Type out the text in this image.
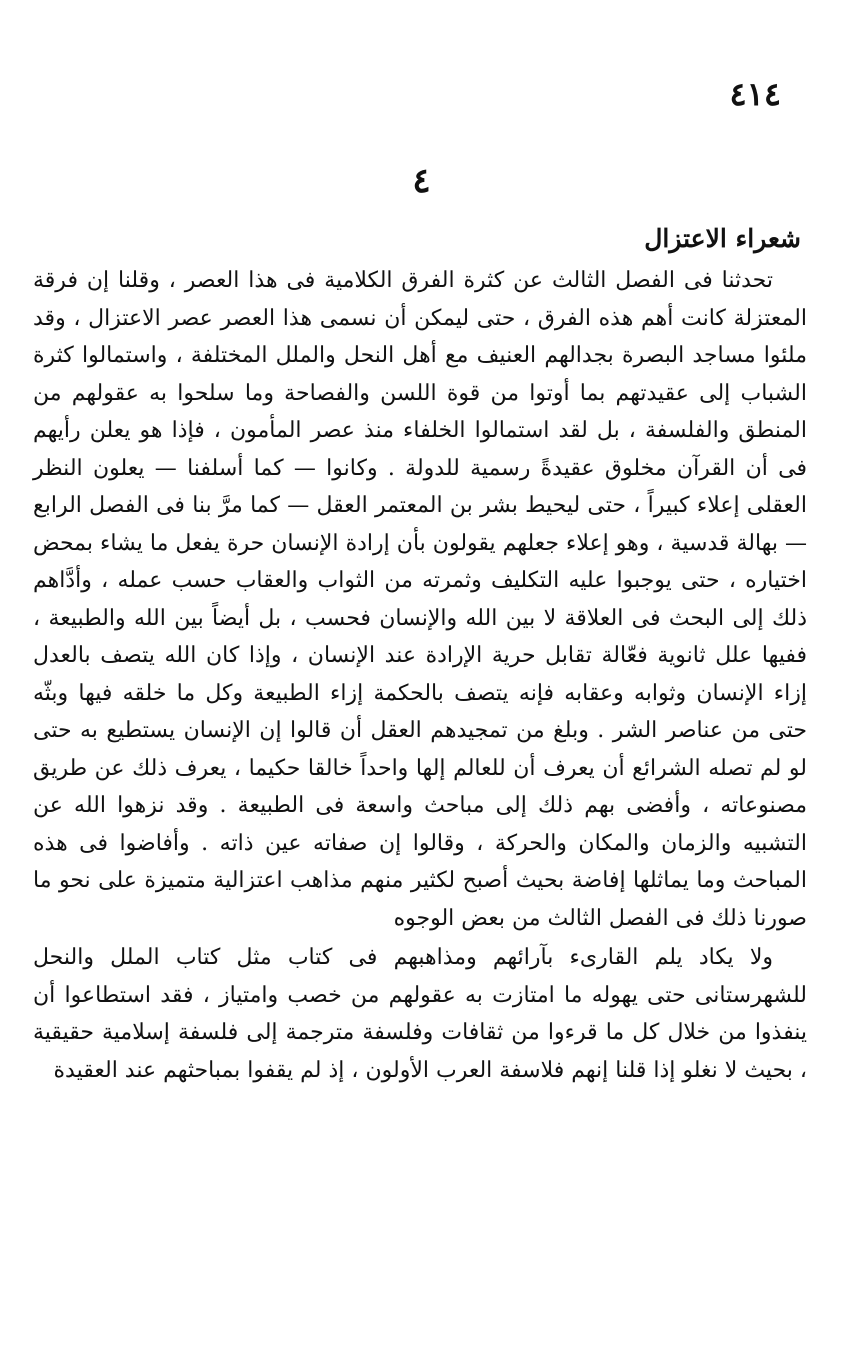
٤١٤
٤
شعراء الاعتزال

تحدثنا فى الفصل الثالث عن كثرة الفرق الكلامية فى هذا العصر ، وقلنا إن فرقة المعتزلة كانت أهم هذه الفرق ، حتى ليمكن أن نسمى هذا العصر عصر الاعتزال ، وقد ملئوا مساجد البصرة بجدالهم العنيف مع أهل النحل والملل المختلفة ، واستمالوا كثرة الشباب إلى عقيدتهم بما أوتوا من قوة اللسن والفصاحة وما سلحوا به عقولهم من المنطق والفلسفة ، بل لقد استمالوا الخلفاء منذ عصر المأمون ، فإذا هو يعلن رأيهم فى أن القرآن مخلوق عقيدةً رسمية للدولة . وكانوا — كما أسلفنا — يعلون النظر العقلى إعلاء كبيراً ، حتى ليحيط بشر بن المعتمر العقل — كما مرَّ بنا فى الفصل الرابع — بهالة قدسية ، وهو إعلاء جعلهم يقولون بأن إرادة الإنسان حرة يفعل ما يشاء بمحض اختياره ، حتى يوجبوا عليه التكليف وثمرته من الثواب والعقاب حسب عمله ، وأدَّاهم ذلك إلى البحث فى العلاقة لا بين الله والإنسان فحسب ، بل أيضاً بين الله والطبيعة ، ففيها علل ثانوية فعّالة تقابل حرية الإرادة عند الإنسان ، وإذا كان الله يتصف بالعدل إزاء الإنسان وثوابه وعقابه فإنه يتصف بالحكمة إزاء الطبيعة وكل ما خلقه فيها وبثّه حتى من عناصر الشر . وبلغ من تمجيدهم العقل أن قالوا إن الإنسان يستطيع به حتى لو لم تصله الشرائع أن يعرف أن للعالم إلها واحداً خالقا حكيما ، يعرف ذلك عن طريق مصنوعاته ، وأفضى بهم ذلك إلى مباحث واسعة فى الطبيعة . وقد نزهوا الله عن التشبيه والزمان والمكان والحركة ، وقالوا إن صفاته عين ذاته . وأفاضوا فى هذه المباحث وما يماثلها إفاضة بحيث أصبح لكثير منهم مذاهب اعتزالية متميزة على نحو ما صورنا ذلك فى الفصل الثالث من بعض الوجوه

ولا يكاد يلم القارىء بآرائهم ومذاهبهم فى كتاب مثل كتاب الملل والنحل للشهرستانى حتى يهوله ما امتازت به عقولهم من خصب وامتياز ، فقد استطاعوا أن ينفذوا من خلال كل ما قرءوا من ثقافات وفلسفة مترجمة إلى فلسفة إسلامية حقيقية ، بحيث لا نغلو إذا قلنا إنهم فلاسفة العرب الأولون ، إذ لم يقفوا بمباحثهم عند العقيدة
